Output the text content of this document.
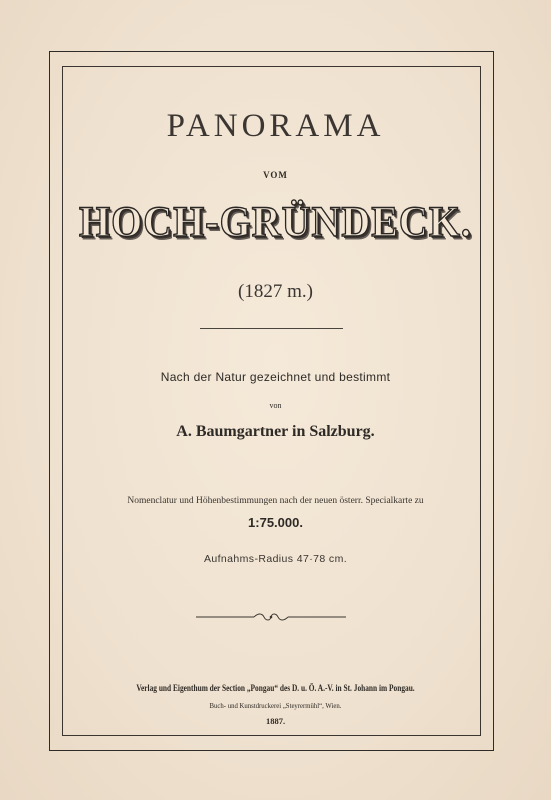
PANORAMA
VOM
HOCH-GRÜNDECK.
(1827 m.)
Nach der Natur gezeichnet und bestimmt
von
A. Baumgartner in Salzburg.
Nomenclatur und Höhenbestimmungen nach der neuen österr. Specialkarte zu
1:75.000.
Aufnahms-Radius 47·78 cm.
Verlag und Eigenthum der Section „Pongau“ des D. u. Ö. A.-V. in St. Johann im Pongau.
Buch- und Kunstdruckerei „Steyrermühl“, Wien.
1887.
